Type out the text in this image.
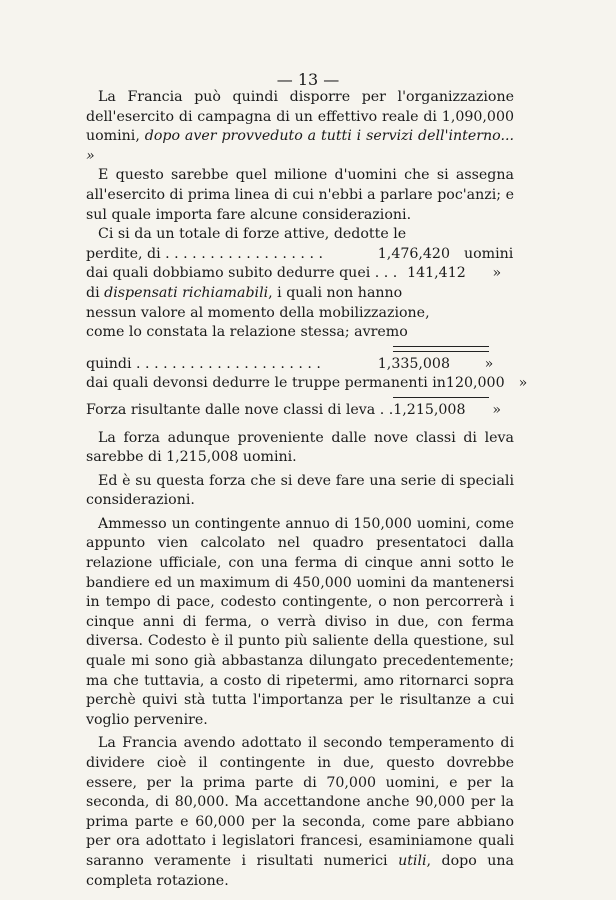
— 13 —

La Francia può quindi disporre per l'organizzazione dell'esercito di campagna di un effettivo reale di 1,090,000 uomini, dopo aver provveduto a tutti i servizi dell'interno... »

E questo sarebbe quel milione d'uomini che si assegna all'esercito di prima linea di cui n'ebbi a parlare poc'anzi; e sul quale importa fare alcune considerazioni.

Ci si da un totale di forze attive, dedotte le

perdite, di . . . . . . . . . . . . . . . . . .	1,476,420 uomini
dai quali dobbiamo subito dedurre quei . . . 141,412	»
di dispensati richiamabili, i quali non hanno
nessun valore al momento della mobilizzazione,
come lo constata la relazione stessa; avremo
quindi . . . . . . . . . . . . . . . . . . . . .	1,335,008	»
dai quali devonsi dedurre le truppe permanenti in 120,000 »
Forza risultante dalle nove classi di leva . . 1,215,008	»

La forza adunque proveniente dalle nove classi di leva sarebbe di 1,215,008 uomini.

Ed è su questa forza che si deve fare una serie di speciali considerazioni.

Ammesso un contingente annuo di 150,000 uomini, come appunto vien calcolato nel quadro presentatoci dalla relazione ufficiale, con una ferma di cinque anni sotto le bandiere ed un maximum di 450,000 uomini da mantenersi in tempo di pace, codesto contingente, o non percorrerà i cinque anni di ferma, o verrà diviso in due, con ferma diversa. Codesto è il punto più saliente della questione, sul quale mi sono già abbastanza dilungato precedentemente; ma che tuttavia, a costo di ripetermi, amo ritornarci sopra perchè quivi stà tutta l'importanza per le risultanze a cui voglio pervenire.

La Francia avendo adottato il secondo temperamento di dividere cioè il contingente in due, questo dovrebbe essere, per la prima parte di 70,000 uomini, e per la seconda, di 80,000. Ma accettandone anche 90,000 per la prima parte e 60,000 per la seconda, come pare abbiano per ora adottato i legislatori francesi, esaminiamone quali saranno veramente i risultati numerici utili, dopo una completa rotazione.
